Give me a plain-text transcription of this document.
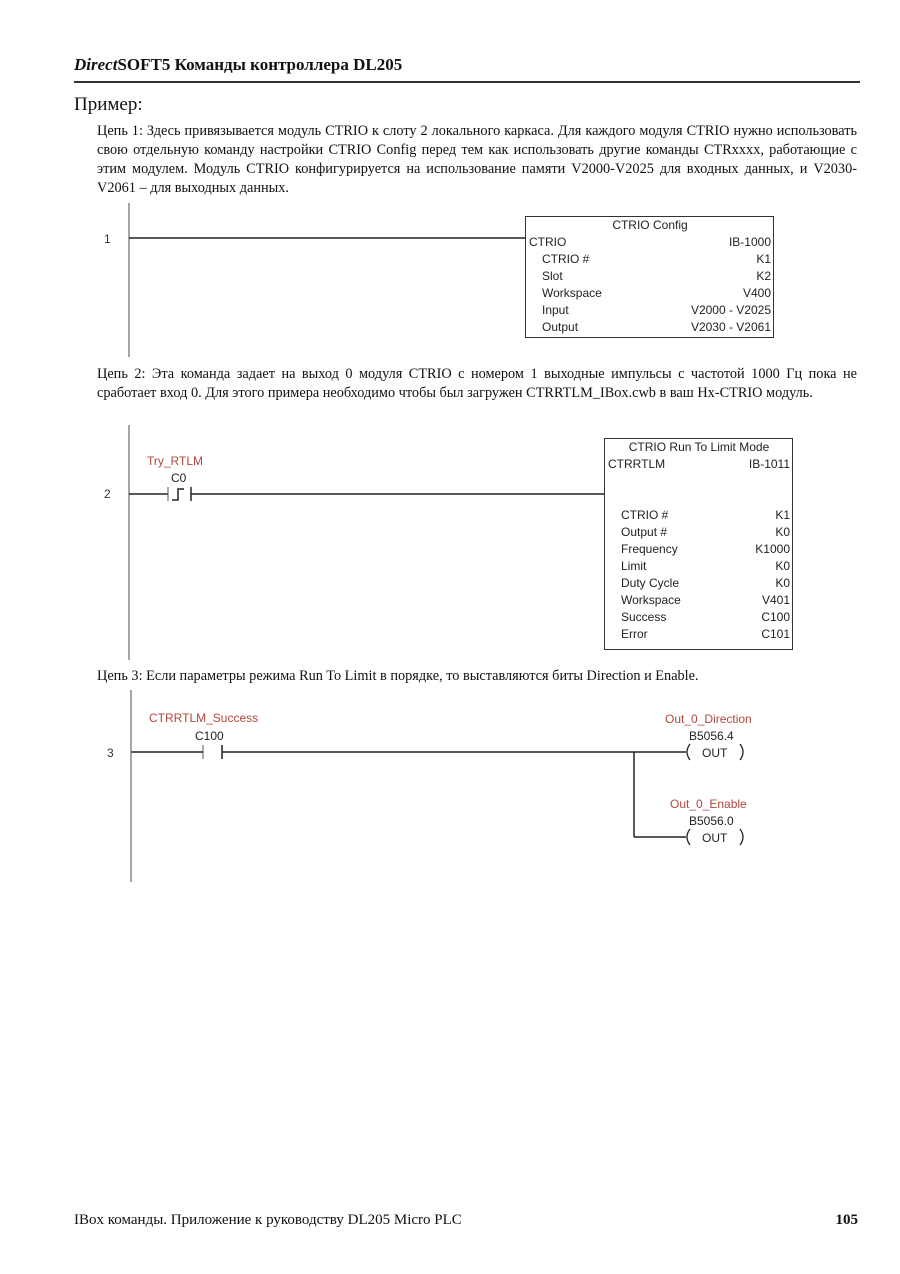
DirectSOFT5 Команды контроллера DL205
Пример:
Цепь 1: Здесь привязывается модуль CTRIO к слоту 2 локального каркаса. Для каждого модуля CTRIO нужно использовать свою отдельную команду настройки CTRIO Config перед тем как использовать другие команды CTRxxxx, работающие с этим модулем. Модуль CTRIO конфигурируется на использование памяти V2000-V2025 для входных данных, и V2030-V2061 – для выходных данных.
Цепь 2: Эта команда задает на выход 0 модуля CTRIO с номером 1 выходные импульсы с частотой 1000 Гц пока не сработает вход 0. Для этого примера необходимо чтобы был загружен CTRRTLM_IBox.cwb в ваш Hx-CTRIO модуль.
Цепь 3: Если параметры режима Run To Limit в порядке, то выставляются биты Direction и Enable.
1
2
Try_RTLM
C0
3
CTRRTLM_Success
C100
Out_0_Direction
B5056.4
OUT
Out_0_Enable
B5056.0
OUT
CTRIO Config
CTRIO	IB-1000
CTRIO #	K1
Slot	K2
Workspace	V400
Input	V2000 - V2025
Output	V2030 - V2061
CTRIO Run To Limit Mode
CTRRTLM	IB-1011
CTRIO #	K1
Output #	K0
Frequency	K1000
Limit	K0
Duty Cycle	K0
Workspace	V401
Success	C100
Error	C101
IBox команды. Приложение к руководству DL205 Micro PLC	105
